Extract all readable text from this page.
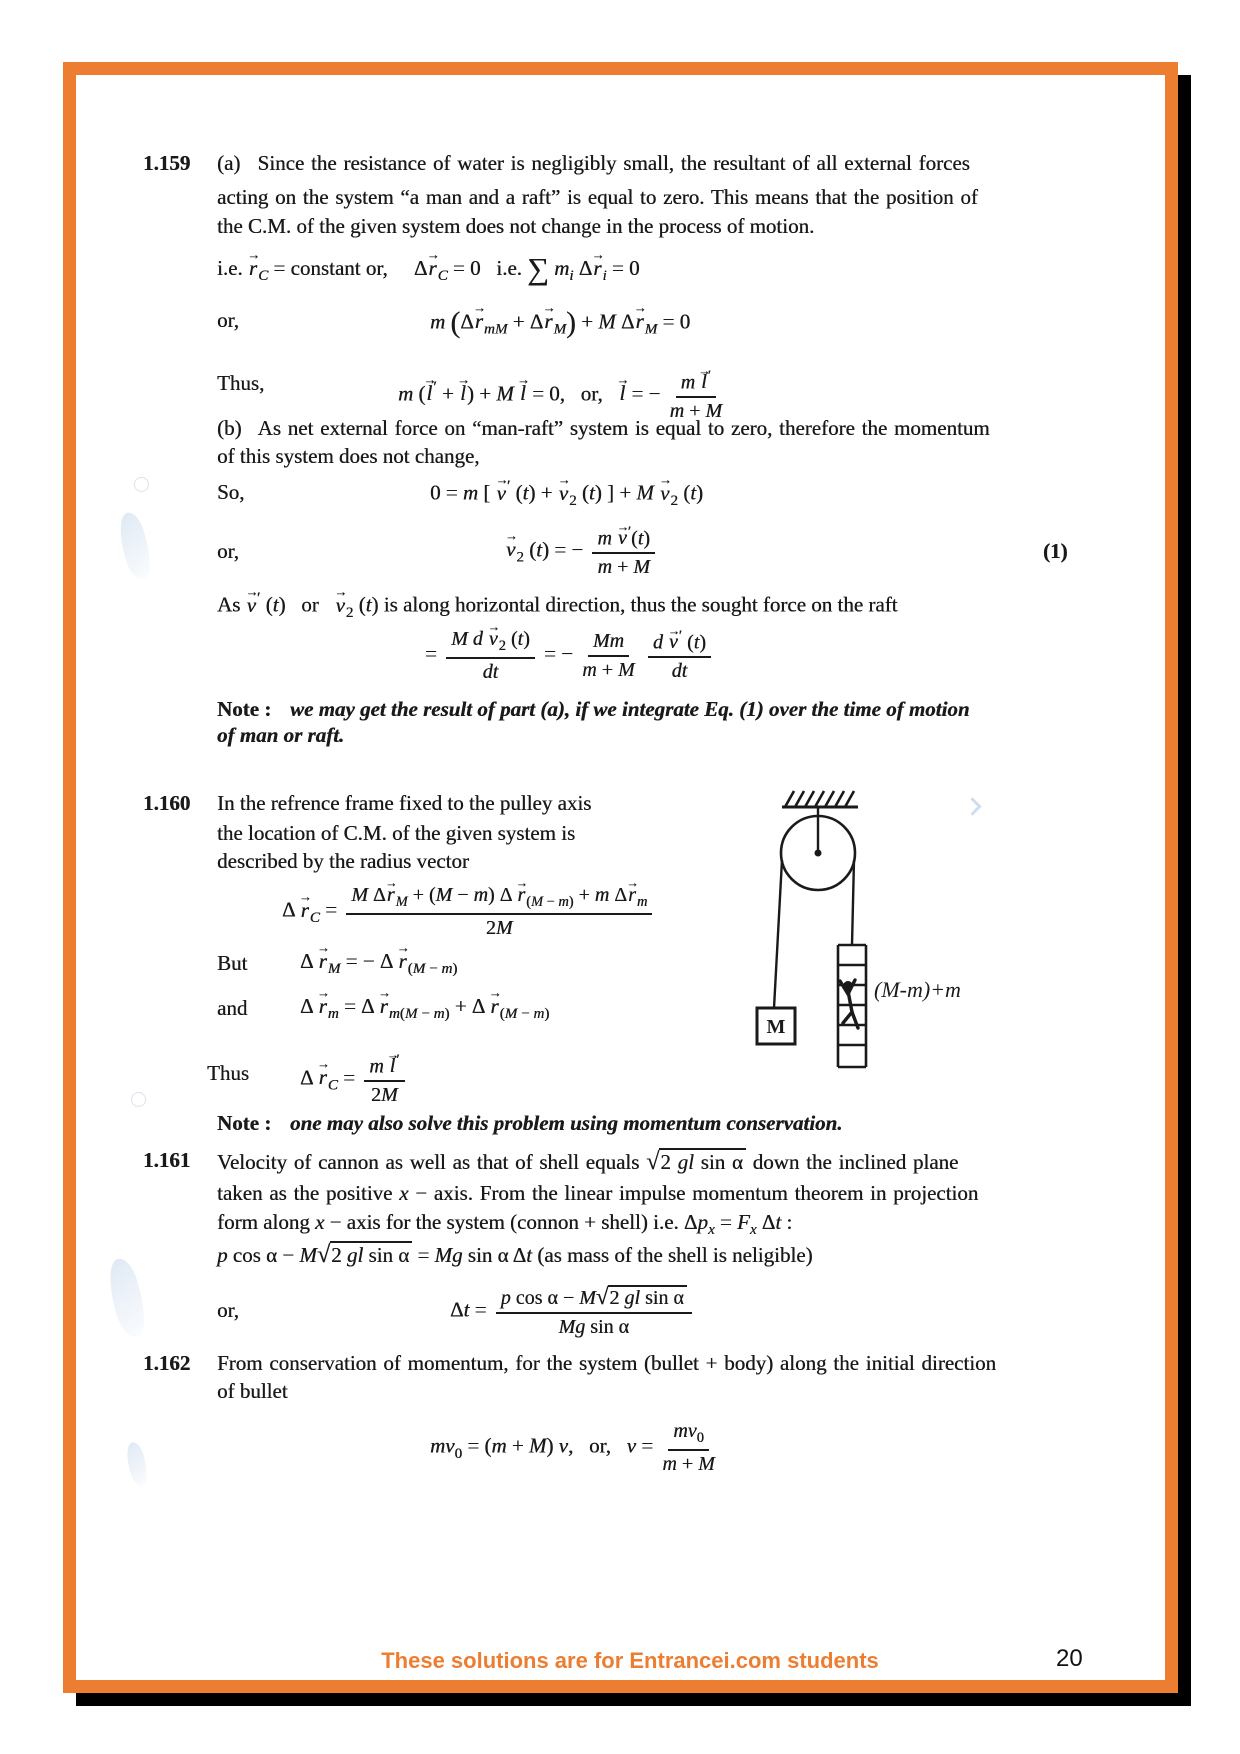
1.159 (a)  Since the resistance of water is negligibly small, the resultant of all external forces
acting on the system “a man and a raft” is equal to zero. This means that the position of
the C.M. of the given system does not change in the process of motion.
i.e. → $r_C$ = constant or,  $\Delta\to r_C = 0$  i.e. ∑ $m_i$ $\Delta\to r_i = 0$
or,	m $(\Delta\to r_{mM} + \Delta\to r_M) + M$ $\Delta\to r_M = 0$
Thus,	m (→ l′ + → l) + M → l = 0,  or,  → l = − $\frac{m \to l'}{m + M}$
(b)  As net external force on “man-raft” system is equal to zero, therefore the momentum
of this system does not change,
So,	0 = m [ → v′ (t) + → $v_2$ (t) ] + $M \to v_2$ (t)
or,	→ $v_2$ (t) = − $\frac{m \to v'(t)}{m + M}$	(1)
As → v′ (t)  or  → $v_2$ (t) is along horizontal direction, thus the sought force on the raft
= $\frac{M d \to v_2 (t)}{dt}$ = − $\frac{Mm}{m + M}$
$\frac{d \to v' (t)}{dt}$
Note : we may get the result of part (a), if we integrate Eq. (1) over the time of motion
of man or raft.
1.160 In the refrence frame fixed to the pulley axis
the location of C.M. of the given system is
described by the radius vector
$\Delta \to r_C = \frac{M \Delta\to r_M + (M - m) \Delta \to r_{(M - m)} + m \Delta\to r_m}{2M}$
But	$\Delta \to r_M$ = − $\Delta \to r_{(M - m)}$
and	$\Delta \to r_m = \Delta \to r_{m(M - m)} + \Delta \to r_{(M - m)}$
Thus $\Delta \to r_C = \frac{m \to l'}{2M}$
Note : one may also solve this problem using momentum conservation.
M
(M-m)+m
1.161 Velocity of cannon as well as that of shell equals √2 gl sin α down the inclined plane
taken as the positive x − axis. From the linear impulse momentum theorem in projection
form along x − axis for the system (connon + shell) i.e. $\Delta p_x = F_x$ Δt :
p cos α − M√2 gl sin α = Mg sin α Δt (as mass of the shell is neligible)
or,	$\Delta t = \frac{\text{p cos α − M√2 gl sin α}}{\text{Mg sin α}}$
1.162 From conservation of momentum, for the system (bullet + body) along the initial direction
of bullet
$mv_0 = (m + M)$ v,  or,  $v = \frac{mv_0}{m + M}$
These solutions are for Entrancei.com students	20
